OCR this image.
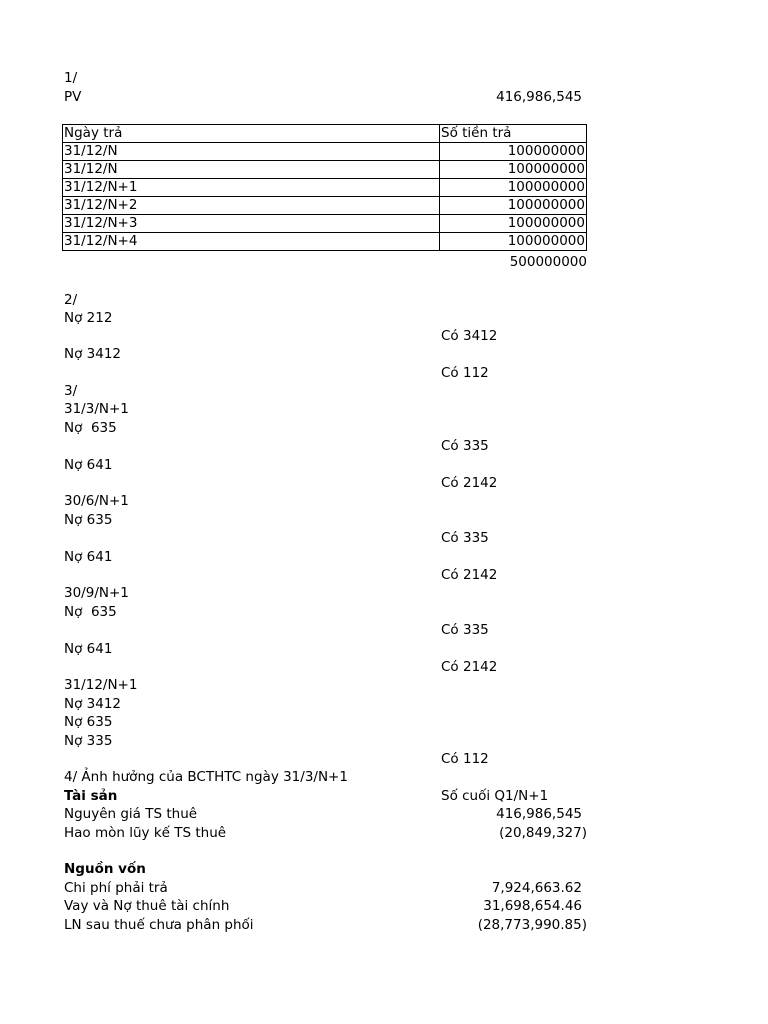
1/
PV	416,986,545
Ngày trả	Số tiền trả
31/12/N	100000000
31/12/N	100000000
31/12/N+1	100000000
31/12/N+2	100000000
31/12/N+3	100000000
31/12/N+4	100000000
500000000
2/
Nợ 212
Có 3412
Nợ 3412
Có 112
3/
31/3/N+1
Nợ  635
Có 335
Nợ 641
Có 2142
30/6/N+1
Nợ 635
Có 335
Nợ 641
Có 2142
30/9/N+1
Nợ  635
Có 335
Nợ 641
Có 2142
31/12/N+1
Nợ 3412
Nợ 635
Nợ 335
Có 112
4/ Ảnh hưởng của BCTHTC ngày 31/3/N+1
Tài sản	Số cuối Q1/N+1
Nguyên giá TS thuê	416,986,545
Hao mòn lũy kế TS thuê	(20,849,327)
Nguồn vốn
Chi phí phải trả	7,924,663.62
Vay và Nợ thuê tài chính	31,698,654.46
LN sau thuế chưa phân phối	(28,773,990.85)
